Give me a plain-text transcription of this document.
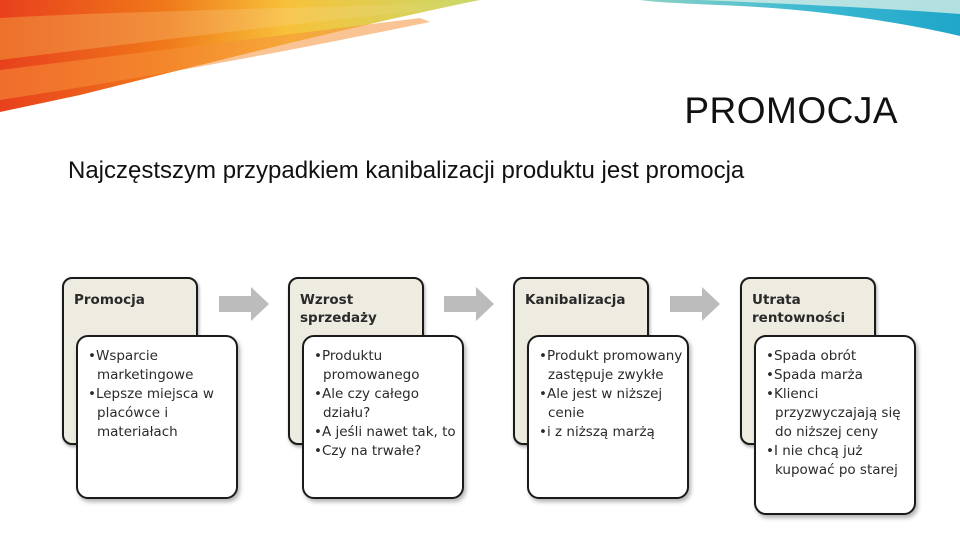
PROMOCJA
Najczęstszym przypadkiem kanibalizacji produktu jest promocja
Promocja
• Wsparcie marketingowe
• Lepsze miejsca w placówce i materiałach
Wzrost sprzedaży
• Produktu promowanego
• Ale czy całego działu?
• A jeśli nawet tak, to
• Czy na trwałe?
Kanibalizacja
• Produkt promowany zastępuje zwykłe
• Ale jest w niższej cenie
• i z niższą marżą
Utrata rentowności
• Spada obrót
• Spada marża
• Klienci przyzwyczajają się do niższej ceny
• I nie chcą już kupować po starej
